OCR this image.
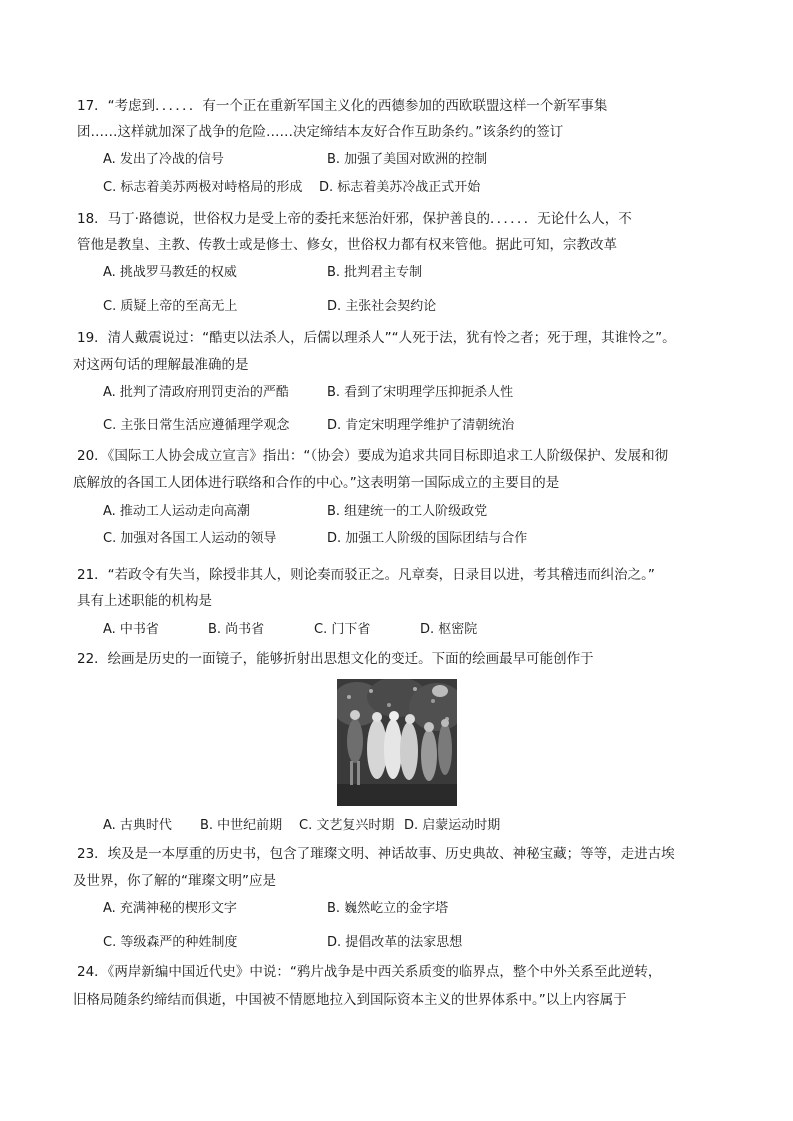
17．“考虑到．．．．．．有一个正在重新军国主义化的西德参加的西欧联盟这样一个新军事集
团……这样就加深了战争的危险……决定缔结本友好合作互助条约。”该条约的签订
A. 发出了冷战的信号	B. 加强了美国对欧洲的控制
C. 标志着美苏两极对峙格局的形成 D. 标志着美苏冷战正式开始
18．马丁·路德说，世俗权力是受上帝的委托来惩治奸邪，保护善良的．．．．．．无论什么人，不
管他是教皇、主教、传教士或是修士、修女，世俗权力都有权来管他。据此可知，宗教改革
A. 挑战罗马教廷的权威	B. 批判君主专制
C. 质疑上帝的至高无上	D. 主张社会契约论
19．清人戴震说过：“酷吏以法杀人，后儒以理杀人”“人死于法，犹有怜之者；死于理，其谁怜之”。
对这两句话的理解最准确的是
A. 批判了清政府刑罚吏治的严酷	B. 看到了宋明理学压抑扼杀人性
C. 主张日常生活应遵循理学观念	D. 肯定宋明理学维护了清朝统治
20．《国际工人协会成立宣言》指出：“（协会）要成为追求共同目标即追求工人阶级保护、发展和彻
底解放的各国工人团体进行联络和合作的中心。”这表明第一国际成立的主要目的是
A. 推动工人运动走向高潮	B. 组建统一的工人阶级政党
C. 加强对各国工人运动的领导	D. 加强工人阶级的国际团结与合作
21．“若政令有失当，除授非其人，则论奏而驳正之。凡章奏，日录目以进，考其稽违而纠治之。”
具有上述职能的机构是
A. 中书省	B. 尚书省	C. 门下省	D. 枢密院
22．绘画是历史的一面镜子，能够折射出思想文化的变迁。下面的绘画最早可能创作于
A. 古典时代 B. 中世纪前期 C. 文艺复兴时期 D. 启蒙运动时期
23．埃及是一本厚重的历史书，包含了璀璨文明、神话故事、历史典故、神秘宝藏；等等，走进古埃
及世界，你了解的“璀璨文明”应是
A. 充满神秘的楔形文字	B. 巍然屹立的金字塔
C. 等级森严的种姓制度	D. 提倡改革的法家思想
24．《两岸新编中国近代史》中说：“鸦片战争是中西关系质变的临界点，整个中外关系至此逆转，
旧格局随条约缔结而俱逝，中国被不情愿地拉入到国际资本主义的世界体系中。”以上内容属于
